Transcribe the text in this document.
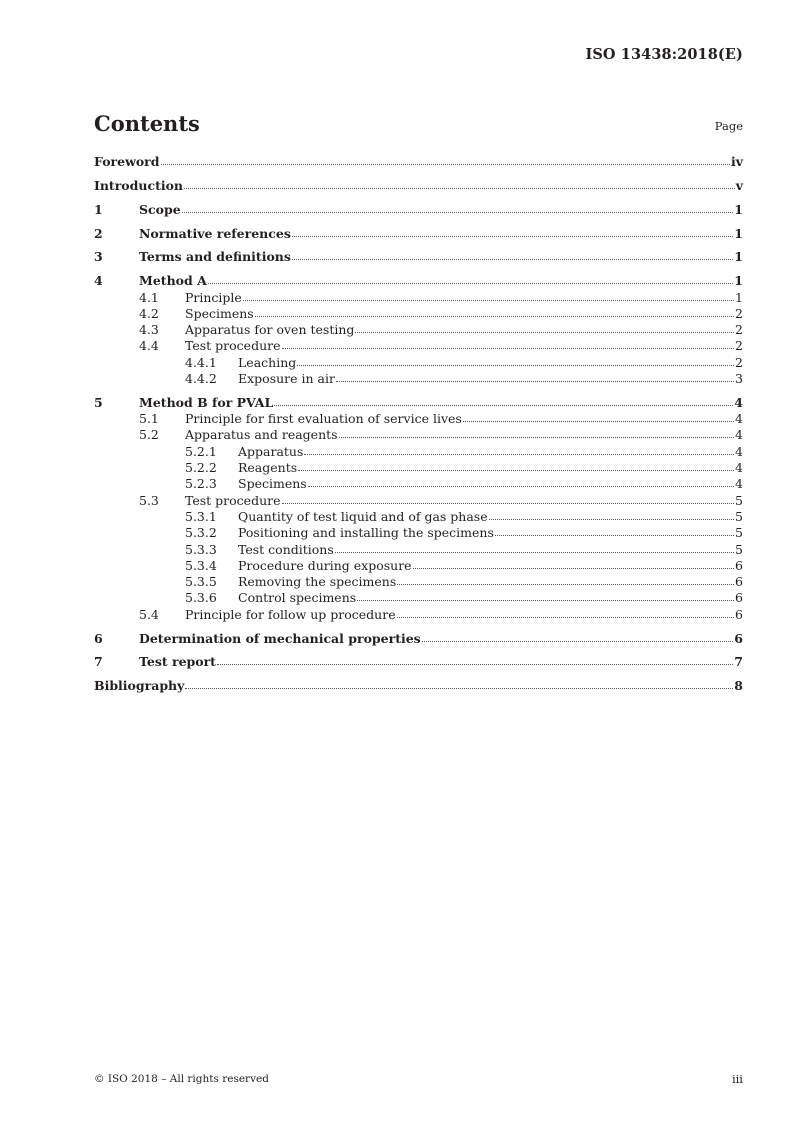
ISO 13438:2018(E)
Contents	Page
Foreword	iv
Introduction	v
1	Scope	1
2	Normative references	1
3	Terms and definitions	1
4	Method A	1
4.1	Principle	1
4.2	Specimens	2
4.3	Apparatus for oven testing	2
4.4	Test procedure	2
4.4.1	Leaching	2
4.4.2	Exposure in air	3
5	Method B for PVAL	4
5.1	Principle for first evaluation of service lives	4
5.2	Apparatus and reagents	4
5.2.1	Apparatus	4
5.2.2	Reagents	4
5.2.3	Specimens	4
5.3	Test procedure	5
5.3.1	Quantity of test liquid and of gas phase	5
5.3.2	Positioning and installing the specimens	5
5.3.3	Test conditions	5
5.3.4	Procedure during exposure	6
5.3.5	Removing the specimens	6
5.3.6	Control specimens	6
5.4	Principle for follow up procedure	6
6	Determination of mechanical properties	6
7	Test report	7
Bibliography	8
© ISO 2018 – All rights reserved	iii
